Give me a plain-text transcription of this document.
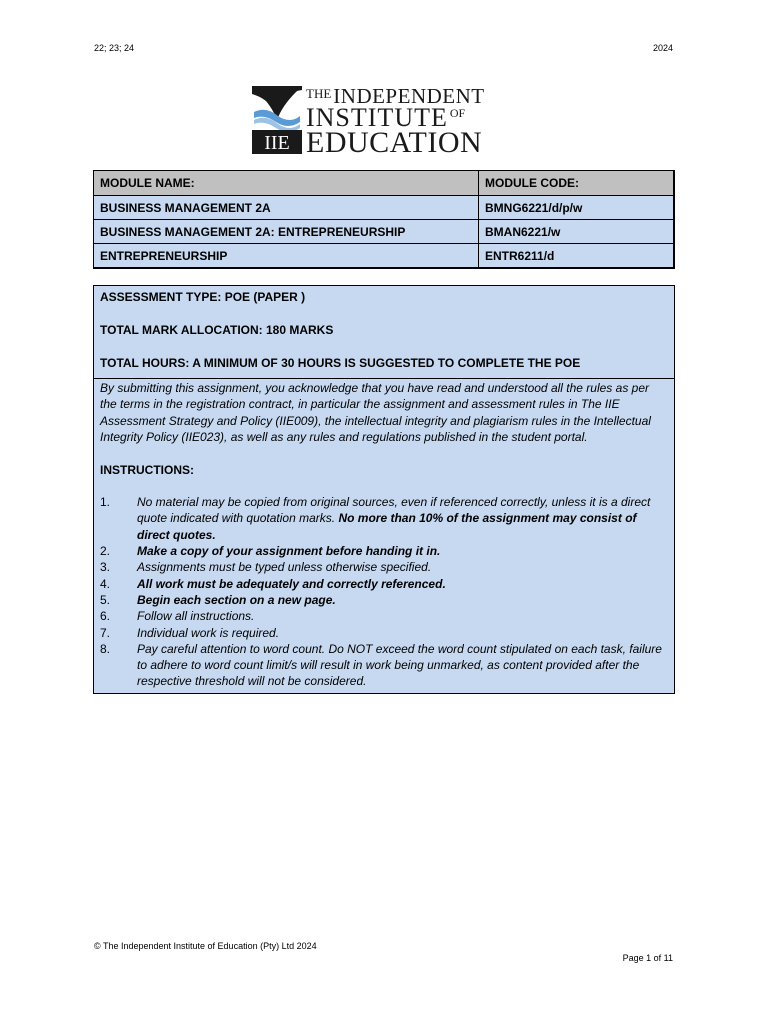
22; 23; 24	2024
IIE
$^{THE}$INDEPENDENT
INSTITUTE $^{OF}$
EDUCATION
MODULE NAME:	MODULE CODE:
BUSINESS MANAGEMENT 2A	BMNG6221/d/p/w
BUSINESS MANAGEMENT 2A: ENTREPRENEURSHIP	BMAN6221/w
ENTREPRENEURSHIP	ENTR6211/d

ASSESSMENT TYPE: POE (PAPER )

TOTAL MARK ALLOCATION: 180 MARKS

TOTAL HOURS: A MINIMUM OF 30 HOURS IS SUGGESTED TO COMPLETE THE POE

By submitting this assignment, you acknowledge that you have read and understood all the rules as per the terms in the registration contract, in particular the assignment and assessment rules in The IIE Assessment Strategy and Policy (IIE009), the intellectual integrity and plagiarism rules in the Intellectual Integrity Policy (IIE023), as well as any rules and regulations published in the student portal.

INSTRUCTIONS:
1. No material may be copied from original sources, even if referenced correctly, unless it is a direct quote indicated with quotation marks. No more than 10% of the assignment may consist of direct quotes.
2. Make a copy of your assignment before handing it in.
3. Assignments must be typed unless otherwise specified.
4. All work must be adequately and correctly referenced.
5. Begin each section on a new page.
6. Follow all instructions.
7. Individual work is required.
8. Pay careful attention to word count. Do NOT exceed the word count stipulated on each task, failure to adhere to word count limit/s will result in work being unmarked, as content provided after the respective threshold will not be considered.
© The Independent Institute of Education (Pty) Ltd 2024
Page 1 of 11
